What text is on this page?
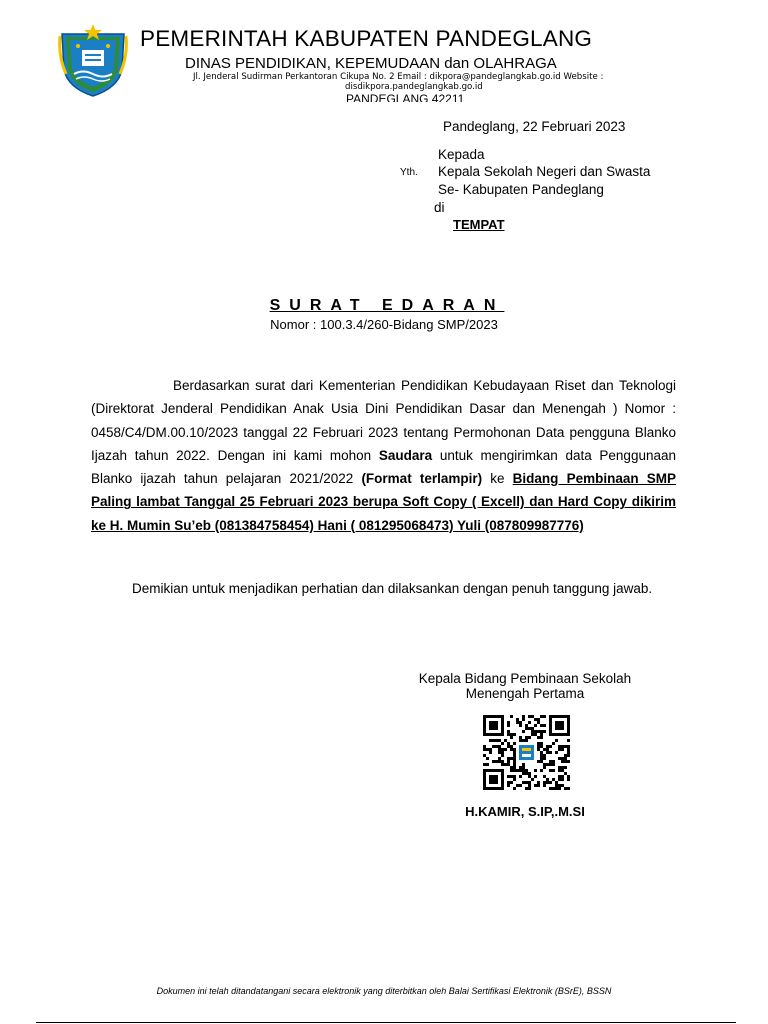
PEMERINTAH KABUPATEN PANDEGLANG
DINAS PENDIDIKAN, KEPEMUDAAN dan OLAHRAGA
Jl. Jenderal Sudirman Perkantoran Cikupa No. 2 Email : dikpora@pandeglangkab.go.id Website :
disdikpora.pandeglangkab.go.id
PANDEGLANG 42211
Pandeglang, 22 Februari 2023
Kepada
Yth. Kepala Sekolah Negeri dan Swasta
Se- Kabupaten Pandeglang
di
TEMPAT
SURAT EDARAN
Nomor : 100.3.4/260-Bidang SMP/2023
Berdasarkan surat dari Kementerian Pendidikan Kebudayaan Riset dan Teknologi (Direktorat Jenderal Pendidikan Anak Usia Dini Pendidikan Dasar dan Menengah ) Nomor : 0458/C4/DM.00.10/2023 tanggal 22 Februari 2023 tentang Permohonan Data pengguna Blanko Ijazah tahun 2022. Dengan ini kami mohon Saudara untuk mengirimkan data Penggunaan Blanko ijazah tahun pelajaran 2021/2022 (Format terlampir) ke Bidang Pembinaan SMP Paling lambat Tanggal 25 Februari 2023 berupa Soft Copy ( Excell) dan Hard Copy dikirim ke H. Mumin Su’eb (081384758454) Hani ( 081295068473) Yuli (087809987776)
Demikian untuk menjadikan perhatian dan dilaksankan dengan penuh tanggung jawab.
Kepala Bidang Pembinaan Sekolah
Menengah Pertama
H.KAMIR, S.IP,.M.SI
Dokumen ini telah ditandatangani secara elektronik yang diterbitkan oleh Balai Sertifikasi Elektronik (BSrE), BSSN
